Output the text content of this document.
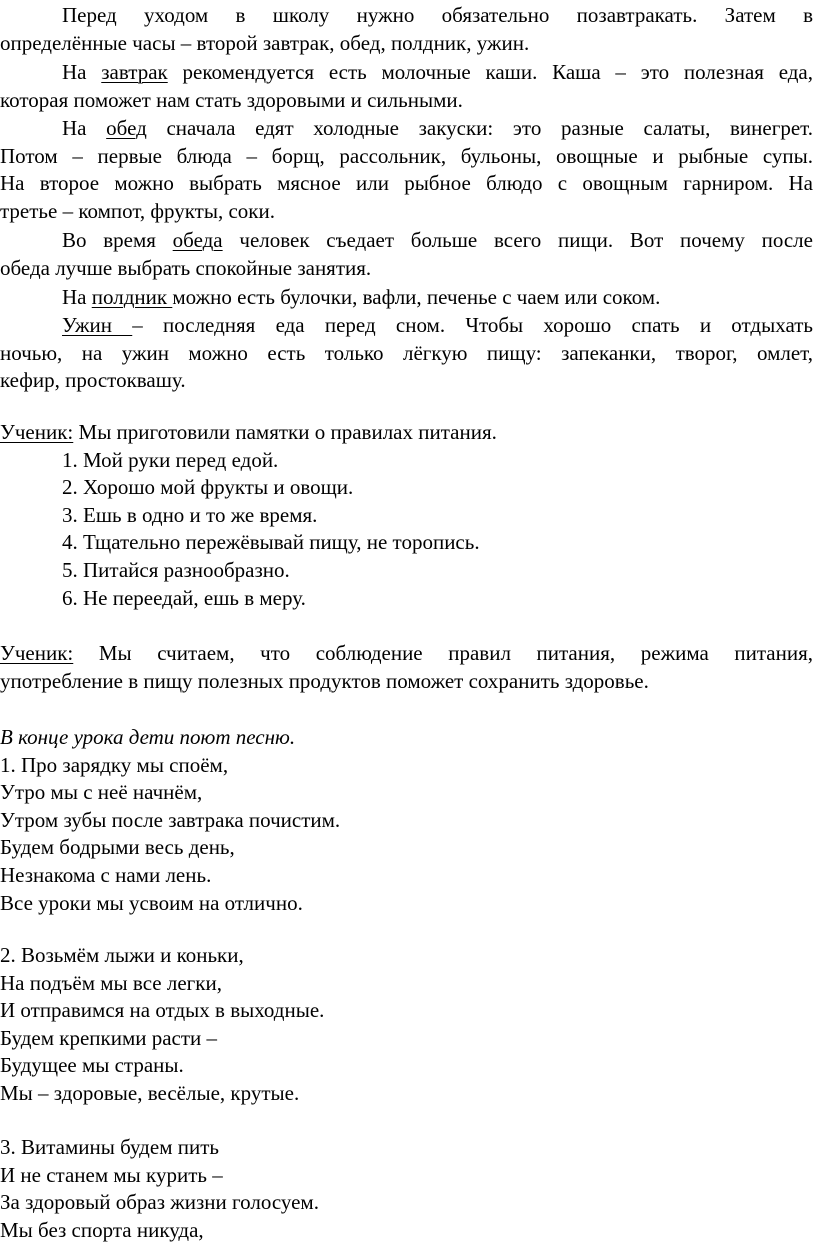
Перед уходом в школу нужно обязательно позавтракать. Затем в
определённые часы – второй завтрак, обед, полдник, ужин.
На завтрак рекомендуется есть молочные каши. Каша – это полезная еда,
которая поможет нам стать здоровыми и сильными.
На обед сначала едят холодные закуски: это разные салаты, винегрет.
Потом – первые блюда – борщ, рассольник, бульоны, овощные и рыбные супы.
На второе можно выбрать мясное или рыбное блюдо с овощным гарниром. На
третье – компот, фрукты, соки.
Во время обеда человек съедает больше всего пищи. Вот почему после
обеда лучше выбрать спокойные занятия.
На полдник можно есть булочки, вафли, печенье с чаем или соком.
Ужин – последняя еда перед сном. Чтобы хорошо спать и отдыхать
ночью, на ужин можно есть только лёгкую пищу: запеканки, творог, омлет,
кефир, простоквашу.
Ученик: Мы приготовили памятки о правилах питания.
1. Мой руки перед едой.
2. Хорошо мой фрукты и овощи.
3. Ешь в одно и то же время.
4. Тщательно пережёвывай пищу, не торопись.
5. Питайся разнообразно.
6. Не переедай, ешь в меру.
Ученик: Мы считаем, что соблюдение правил питания, режима питания,
употребление в пищу полезных продуктов поможет сохранить здоровье.
В конце урока дети поют песню.
1. Про зарядку мы споём,
Утро мы с неё начнём,
Утром зубы после завтрака почистим.
Будем бодрыми весь день,
Незнакома с нами лень.
Все уроки мы усвоим на отлично.
2. Возьмём лыжи и коньки,
На подъём мы все легки,
И отправимся на отдых в выходные.
Будем крепкими расти –
Будущее мы страны.
Мы – здоровые, весёлые, крутые.
3. Витамины будем пить
И не станем мы курить –
За здоровый образ жизни голосуем.
Мы без спорта никуда,
